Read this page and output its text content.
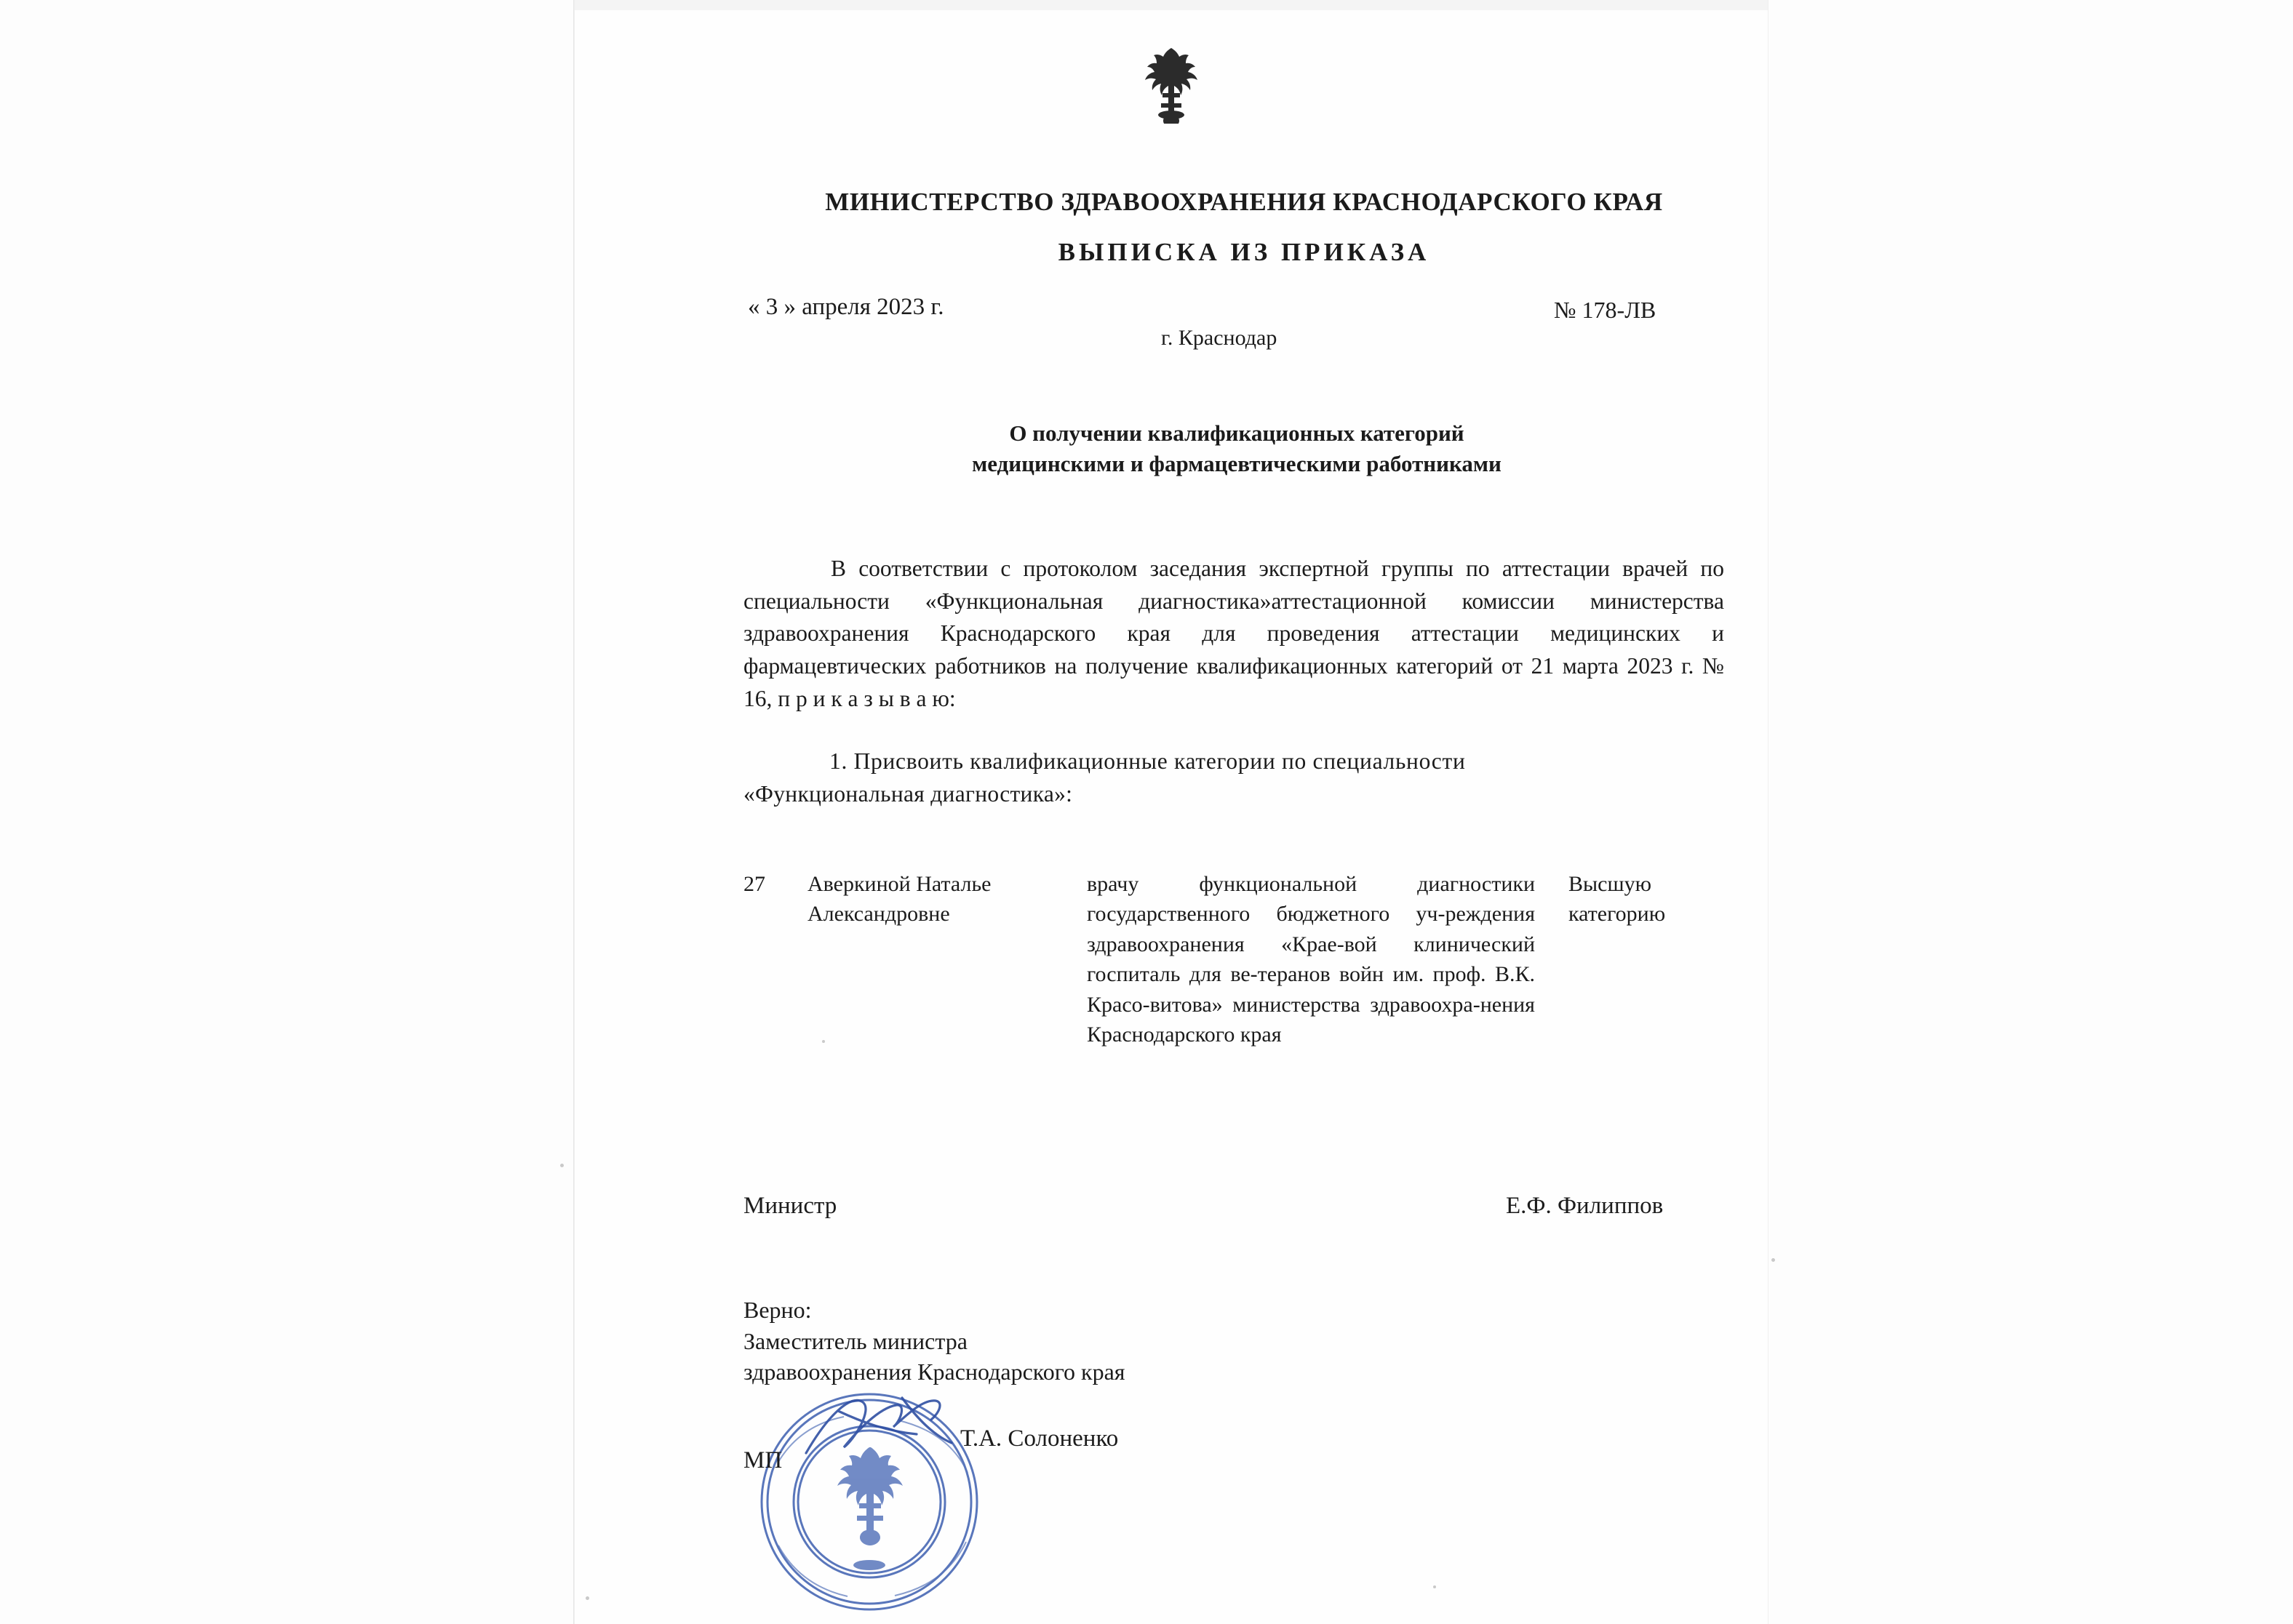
МИНИСТЕРСТВО ЗДРАВООХРАНЕНИЯ КРАСНОДАРСКОГО КРАЯ
ВЫПИСКА ИЗ ПРИКАЗА
« 3 » апреля 2023 г.
г. Краснодар
№ 178-ЛВ
О получении квалификационных категорий
медицинскими и фармацевтическими работниками

В соответствии с протоколом заседания экспертной группы по аттестации врачей по специальности «Функциональная диагностика»аттестационной комиссии министерства здравоохранения Краснодарского края для проведения аттестации медицинских и фармацевтических работников на получение квалификационных категорий от 21 марта 2023 г. № 16, п р и к а з ы в а ю:

1. Присвоить квалификационные категории по специальности
«Функциональная диагностика»:
27	Аверкиной Наталье Александровне
врачу функциональной диагностики государственного бюджетного уч-реждения здравоохранения «Крае-вой клинический госпиталь для ве-теранов войн им. проф. В.К. Красо-витова» министерства здравоохра-нения Краснодарского края
Высшую категорию
Министр	Е.Ф. Филиппов
Верно:
Заместитель министра
здравоохранения Краснодарского края
Т.А. Солоненко
МП
